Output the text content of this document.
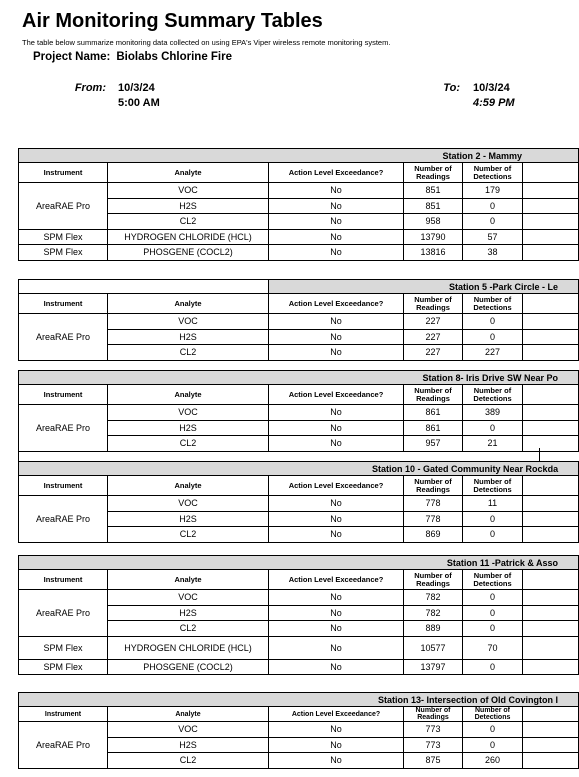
Air Monitoring Summary Tables
The table below summarize monitoring data collected on using EPA's Viper wireless remote monitoring system.
Project Name: Biolabs Chlorine Fire
From: 10/3/24
5:00 AM
To: 10/3/24
4:59 PM
Station 2 - Mammy					
Instrument	Analyte	Action Level Exceedance?	Number of Readings	Number of Detections	
AreaRAE Pro	VOC	No	851	179	
	H2S	No	851	0	
	CL2	No	958	0	
SPM Flex	HYDROGEN CHLORIDE (HCL)	No	13790	57	
SPM Flex	PHOSGENE (COCL2)	No	13816	38	
		Station 5 -Park Circle - Le			
Instrument	Analyte	Action Level Exceedance?	Number of Readings	Number of Detections	
AreaRAE Pro	VOC	No	227	0	
	H2S	No	227	0	
	CL2	No	227	227	
Station 8- Iris Drive SW Near Po					
Instrument	Analyte	Action Level Exceedance?	Number of Readings	Number of Detections	
AreaRAE Pro	VOC	No	861	389	
	H2S	No	861	0	
	CL2	No	957	21	
Station 10 - Gated Community Near Rockda					
Instrument	Analyte	Action Level Exceedance?	Number of Readings	Number of Detections	
AreaRAE Pro	VOC	No	778	11	
	H2S	No	778	0	
	CL2	No	869	0	
Station 11 -Patrick & Asso					
Instrument	Analyte	Action Level Exceedance?	Number of Readings	Number of Detections	
AreaRAE Pro	VOC	No	782	0	
	H2S	No	782	0	
	CL2	No	889	0	
SPM Flex	HYDROGEN CHLORIDE (HCL)	No	10577	70	
SPM Flex	PHOSGENE (COCL2)	No	13797	0	
Station 13- Intersection of Old Covington I					
Instrument	Analyte	Action Level Exceedance?	Number of Readings	Number of Detections	
AreaRAE Pro	VOC	No	773	0	
	H2S	No	773	0	
	CL2	No	875	260	
